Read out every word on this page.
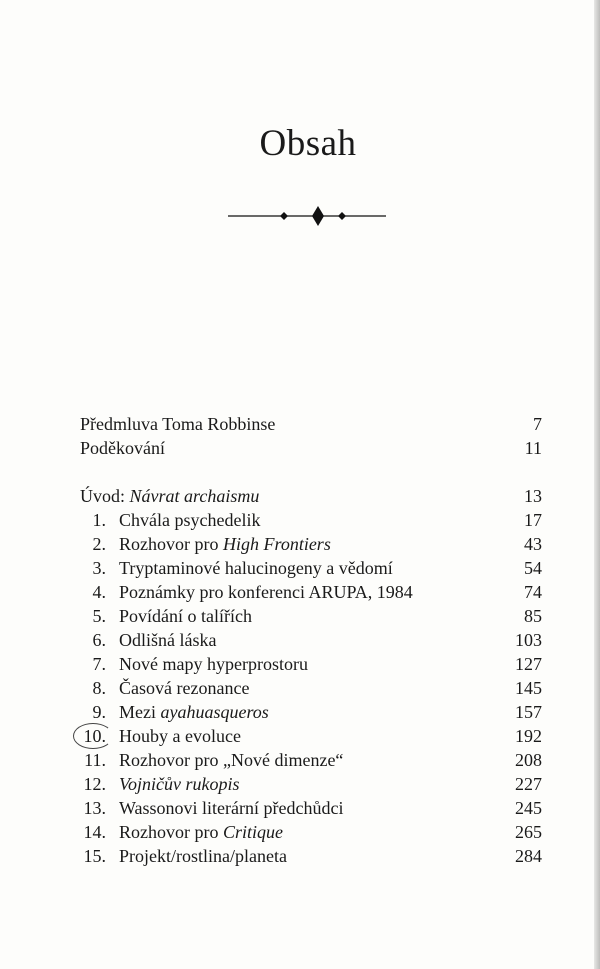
Obsah
Předmluva Toma Robbinse	7
Poděkování	11
Úvod: Návrat archaismu	13
1. Chvála psychedelik	17
2. Rozhovor pro High Frontiers	43
3. Tryptaminové halucinogeny a vědomí	54
4. Poznámky pro konferenci ARUPA, 1984	74
5. Povídání o talířích	85
6. Odlišná láska	103
7. Nové mapy hyperprostoru	127
8. Časová rezonance	145
9. Mezi ayahuasqueros	157
10. Houby a evoluce	192
11. Rozhovor pro „Nové dimenze“	208
12. Vojničův rukopis	227
13. Wassonovi literární předchůdci	245
14. Rozhovor pro Critique	265
15. Projekt/rostlina/planeta	284
